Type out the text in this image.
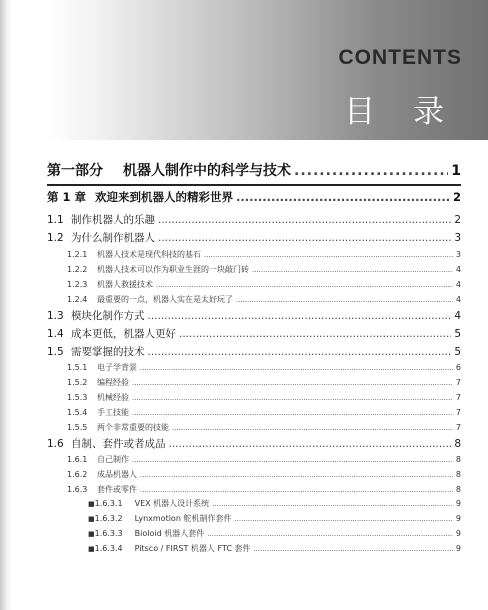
CONTENTS
目 录
第一部分	机器人制作中的科学与技术 .....	1
第 1 章 欢迎来到机器人的精彩世界 .....	2
1.1 制作机器人的乐趣 .....	2
1.2 为什么制作机器人 .....	3
1.2.1	机器人技术是现代科技的基石 .....	3
1.2.2	机器人技术可以作为职业生涯的一块敲门砖 .....	4
1.2.3	机器人救援技术 .....	4
1.2.4	最重要的一点，机器人实在是太好玩了 .....	4
1.3 模块化制作方式 .....	4
1.4 成本更低，机器人更好 .....	5
1.5 需要掌握的技术 .....	5
1.5.1	电子学背景 .....	6
1.5.2	编程经验 .....	7
1.5.3	机械经验 .....	7
1.5.4	手工技能 .....	7
1.5.5	两个非常重要的技能 .....	7
1.6 自制、套件或者成品 .....	8
1.6.1	自己制作 .....	8
1.6.2	成品机器人 .....	8
1.6.3	套件或零件 .....	8
■ 1.6.3.1	VEX 机器人设计系统 .....	9
■ 1.6.3.2	Lynxmotion 舵机制作套件 .....	9
■ 1.6.3.3	Bioloid 机器人套件 .....	9
■ 1.6.3.4	Pitsco / FIRST 机器人 FTC 套件 .....	9
